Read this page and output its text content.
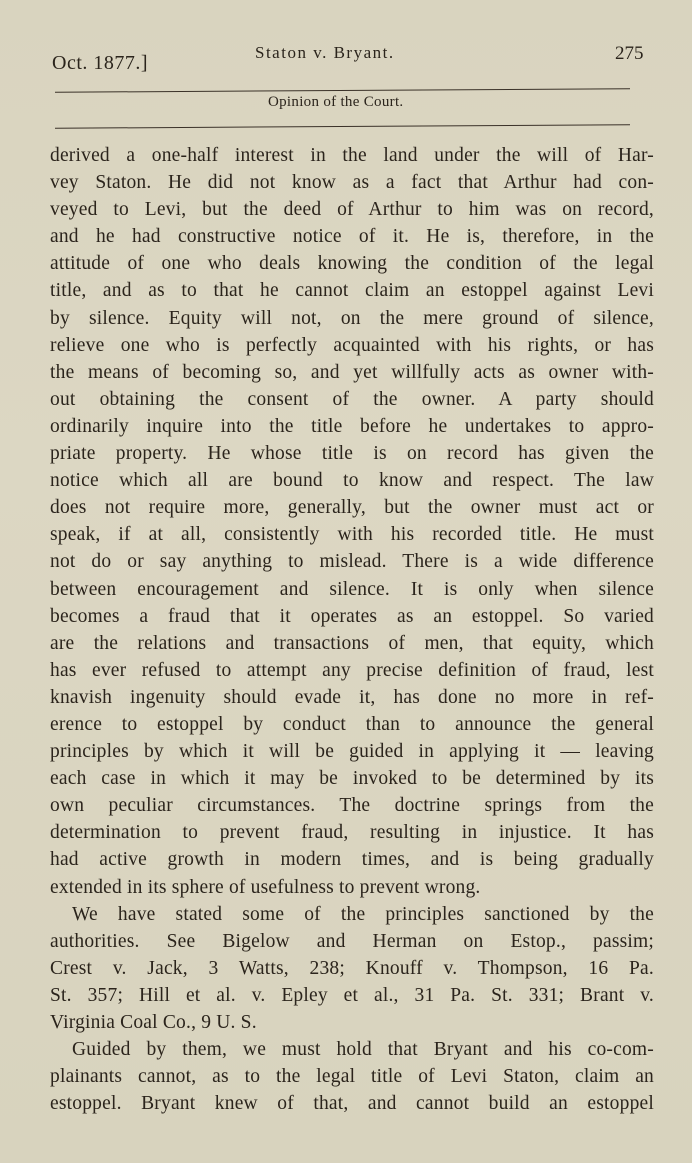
Oct. 1877.]	Staton v. Bryant.	275
Opinion of the Court.
derived a one-half interest in the land under the will of Har-
vey Staton. He did not know as a fact that Arthur had con-
veyed to Levi, but the deed of Arthur to him was on record,
and he had constructive notice of it. He is, therefore, in the
attitude of one who deals knowing the condition of the legal
title, and as to that he cannot claim an estoppel against Levi
by silence. Equity will not, on the mere ground of silence,
relieve one who is perfectly acquainted with his rights, or has
the means of becoming so, and yet willfully acts as owner with-
out obtaining the consent of the owner. A party should
ordinarily inquire into the title before he undertakes to appro-
priate property. He whose title is on record has given the
notice which all are bound to know and respect. The law
does not require more, generally, but the owner must act or
speak, if at all, consistently with his recorded title. He must
not do or say anything to mislead. There is a wide difference
between encouragement and silence. It is only when silence
becomes a fraud that it operates as an estoppel. So varied
are the relations and transactions of men, that equity, which
has ever refused to attempt any precise definition of fraud, lest
knavish ingenuity should evade it, has done no more in ref-
erence to estoppel by conduct than to announce the general
principles by which it will be guided in applying it — leaving
each case in which it may be invoked to be determined by its
own peculiar circumstances. The doctrine springs from the
determination to prevent fraud, resulting in injustice. It has
had active growth in modern times, and is being gradually
extended in its sphere of usefulness to prevent wrong.
We have stated some of the principles sanctioned by the
authorities. See Bigelow and Herman on Estop., passim;
Crest v. Jack, 3 Watts, 238; Knouff v. Thompson, 16 Pa.
St. 357; Hill et al. v. Epley et al., 31 Pa. St. 331; Brant v.
Virginia Coal Co., 9 U. S.
Guided by them, we must hold that Bryant and his co-com-
plainants cannot, as to the legal title of Levi Staton, claim an
estoppel. Bryant knew of that, and cannot build an estoppel
